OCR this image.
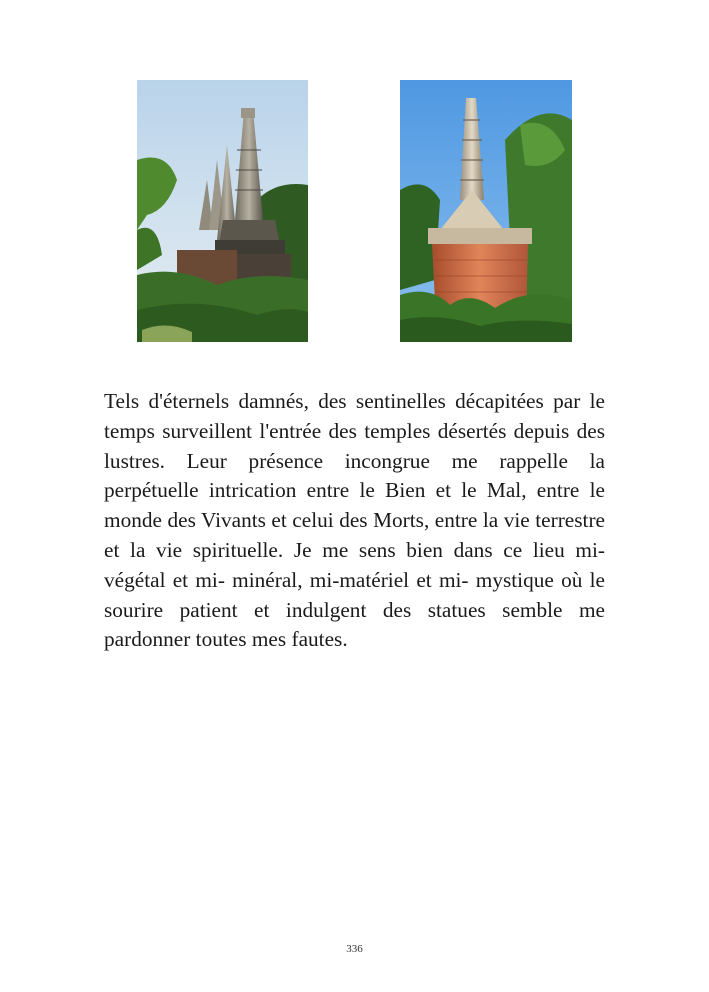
Tels d'éternels damnés, des sentinelles décapitées par le temps surveillent l'entrée des temples désertés depuis des lustres. Leur présence incongrue me rappelle la perpétuelle intrication entre le Bien et le Mal, entre le monde des Vivants et celui des Morts, entre la vie terrestre et la vie spirituelle. Je me sens bien dans ce lieu mi- végétal et mi- minéral, mi-matériel et mi- mystique où le sourire patient et indulgent des statues semble me pardonner toutes mes fautes.

336
